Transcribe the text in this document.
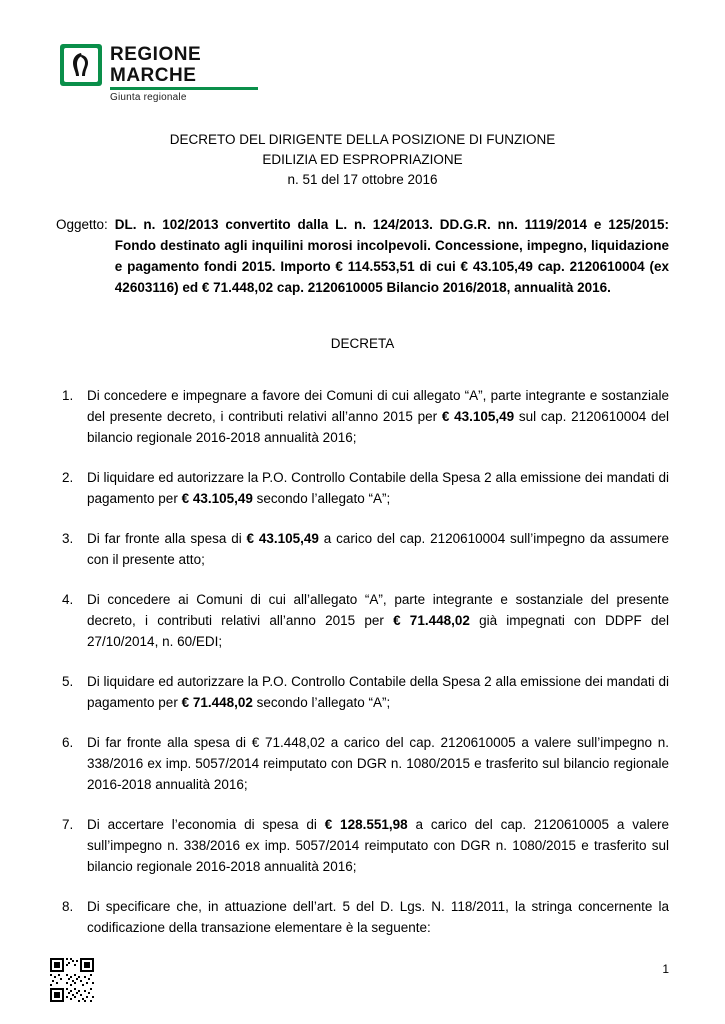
REGIONE
MARCHE
Giunta regionale
DECRETO DEL DIRIGENTE DELLA POSIZIONE DI FUNZIONE
EDILIZIA ED ESPROPRIAZIONE
n. 51 del 17 ottobre 2016
Oggetto: DL. n. 102/2013 convertito dalla L. n. 124/2013. DD.G.R. nn. 1119/2014 e 125/2015: Fondo destinato agli inquilini morosi incolpevoli. Concessione, impegno, liquidazione e pagamento fondi 2015. Importo € 114.553,51 di cui € 43.105,49 cap. 2120610004 (ex 42603116) ed € 71.448,02 cap. 2120610005 Bilancio 2016/2018, annualità 2016.
DECRETA
1.	Di concedere e impegnare a favore dei Comuni di cui allegato “A”, parte integrante e sostanziale del presente decreto, i contributi relativi all’anno 2015 per € 43.105,49 sul cap. 2120610004 del bilancio regionale 2016-2018 annualità 2016;
2.	Di liquidare ed autorizzare la P.O. Controllo Contabile della Spesa 2 alla emissione dei mandati di pagamento per € 43.105,49 secondo l’allegato “A”;
3.	Di far fronte alla spesa di € 43.105,49 a carico del cap. 2120610004 sull’impegno da assumere con il presente atto;
4.	Di concedere ai Comuni di cui all’allegato “A”, parte integrante e sostanziale del presente decreto, i contributi relativi all’anno 2015 per € 71.448,02 già impegnati con DDPF del 27/10/2014, n. 60/EDI;
5.	Di liquidare ed autorizzare la P.O. Controllo Contabile della Spesa 2 alla emissione dei mandati di pagamento per € 71.448,02 secondo l’allegato “A”;
6.	Di far fronte alla spesa di € 71.448,02 a carico del cap. 2120610005 a valere sull’impegno n. 338/2016 ex imp. 5057/2014 reimputato con DGR n. 1080/2015 e trasferito sul bilancio regionale 2016-2018 annualità 2016;
7.	Di accertare l’economia di spesa di € 128.551,98 a carico del cap. 2120610005 a valere sull’impegno n. 338/2016 ex imp. 5057/2014 reimputato con DGR n. 1080/2015 e trasferito sul bilancio regionale 2016-2018 annualità 2016;
8.	Di specificare che, in attuazione dell’art. 5 del D. Lgs. N. 118/2011, la stringa concernente la codificazione della transazione elementare è la seguente:
1
